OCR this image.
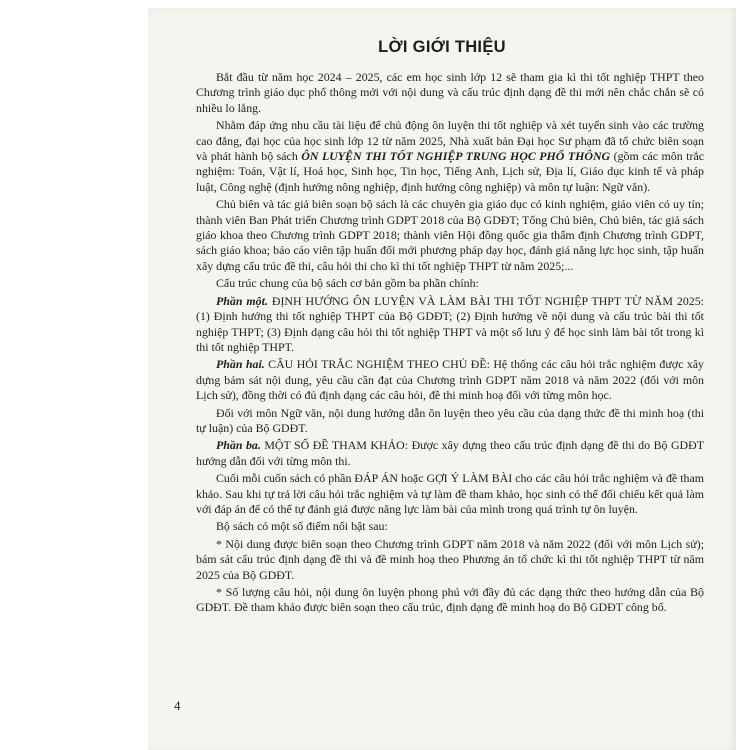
LỜI GIỚI THIỆU

Bắt đầu từ năm học 2024 – 2025, các em học sinh lớp 12 sẽ tham gia kì thi tốt nghiệp THPT theo Chương trình giáo dục phổ thông mới với nội dung và cấu trúc định dạng đề thi mới nên chắc chắn sẽ có nhiều lo lắng.

Nhằm đáp ứng nhu cầu tài liệu để chủ động ôn luyện thi tốt nghiệp và xét tuyển sinh vào các trường cao đẳng, đại học của học sinh lớp 12 từ năm 2025, Nhà xuất bản Đại học Sư phạm đã tổ chức biên soạn và phát hành bộ sách ÔN LUYỆN THI TỐT NGHIỆP TRUNG HỌC PHỔ THÔNG (gồm các môn trắc nghiệm: Toán, Vật lí, Hoá học, Sinh học, Tin học, Tiếng Anh, Lịch sử, Địa lí, Giáo dục kinh tế và pháp luật, Công nghệ (định hướng nông nghiệp, định hướng công nghiệp) và môn tự luận: Ngữ văn).

Chủ biên và tác giả biên soạn bộ sách là các chuyên gia giáo dục có kinh nghiệm, giáo viên có uy tín; thành viên Ban Phát triển Chương trình GDPT 2018 của Bộ GDĐT; Tổng Chủ biên, Chủ biên, tác giả sách giáo khoa theo Chương trình GDPT 2018; thành viên Hội đồng quốc gia thẩm định Chương trình GDPT, sách giáo khoa; báo cáo viên tập huấn đổi mới phương pháp dạy học, đánh giá năng lực học sinh, tập huấn xây dựng cấu trúc đề thi, câu hỏi thi cho kì thi tốt nghiệp THPT từ năm 2025;...

Cấu trúc chung của bộ sách cơ bản gồm ba phần chính:

Phần một. ĐỊNH HƯỚNG ÔN LUYỆN VÀ LÀM BÀI THI TỐT NGHIỆP THPT TỪ NĂM 2025: (1) Định hướng thi tốt nghiệp THPT của Bộ GDĐT; (2) Định hướng về nội dung và cấu trúc bài thi tốt nghiệp THPT; (3) Định dạng câu hỏi thi tốt nghiệp THPT và một số lưu ý để học sinh làm bài tốt trong kì thi tốt nghiệp THPT.

Phần hai. CÂU HỎI TRẮC NGHIỆM THEO CHỦ ĐỀ: Hệ thống các câu hỏi trắc nghiệm được xây dựng bám sát nội dung, yêu cầu cần đạt của Chương trình GDPT năm 2018 và năm 2022 (đối với môn Lịch sử), đồng thời có đủ định dạng các câu hỏi, đề thi minh hoạ đối với từng môn học.

Đối với môn Ngữ văn, nội dung hướng dẫn ôn luyện theo yêu cầu của dạng thức đề thi minh hoạ (thi tự luận) của Bộ GDĐT.

Phần ba. MỘT SỐ ĐỀ THAM KHẢO: Được xây dựng theo cấu trúc định dạng đề thi do Bộ GDĐT hướng dẫn đối với từng môn thi.

Cuối mỗi cuốn sách có phần ĐÁP ÁN hoặc GỢI Ý LÀM BÀI cho các câu hỏi trắc nghiệm và đề tham khảo. Sau khi tự trả lời câu hỏi trắc nghiệm và tự làm đề tham khảo, học sinh có thể đối chiếu kết quả làm với đáp án để có thể tự đánh giá được năng lực làm bài của mình trong quá trình tự ôn luyện.

Bộ sách có một số điểm nổi bật sau:

* Nội dung được biên soạn theo Chương trình GDPT năm 2018 và năm 2022 (đối với môn Lịch sử); bám sát cấu trúc định dạng đề thi và đề minh hoạ theo Phương án tổ chức kì thi tốt nghiệp THPT từ năm 2025 của Bộ GDĐT.

* Số lượng câu hỏi, nội dung ôn luyện phong phú với đầy đủ các dạng thức theo hướng dẫn của Bộ GDĐT. Đề tham khảo được biên soạn theo cấu trúc, định dạng đề minh hoạ do Bộ GDĐT công bố.

4
